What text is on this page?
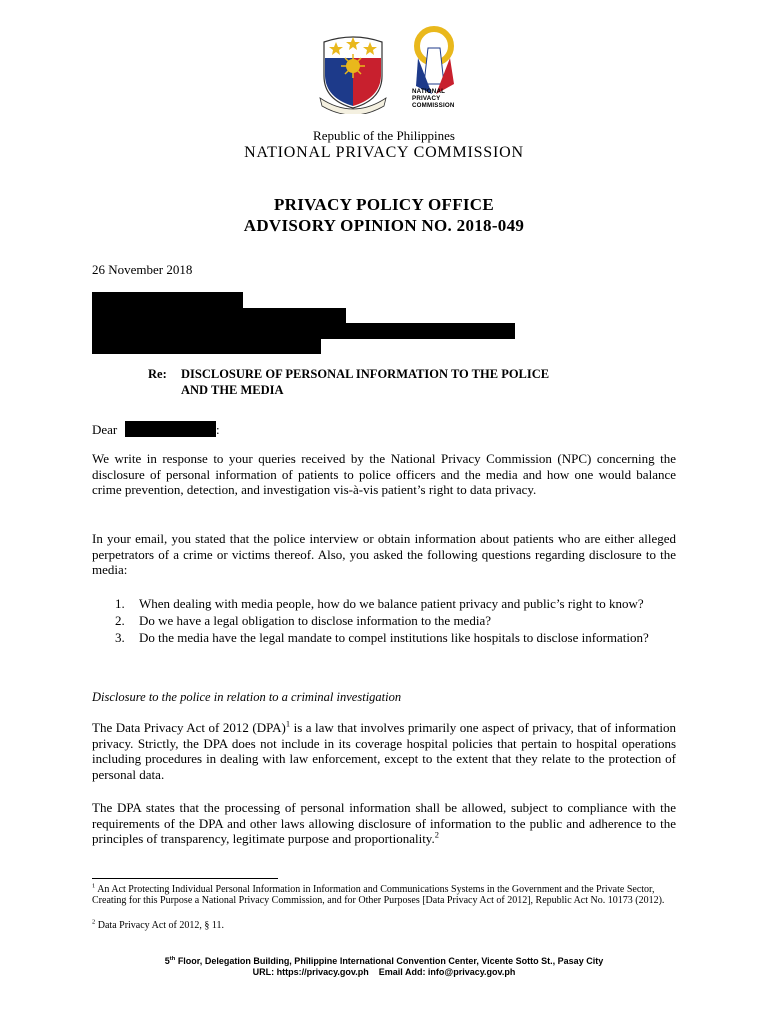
NATIONAL
PRIVACY
COMMISSION
Republic of the Philippines
NATIONAL PRIVACY COMMISSION
PRIVACY POLICY OFFICE
ADVISORY OPINION NO. 2018-049
26 November 2018
Re: DISCLOSURE OF PERSONAL INFORMATION TO THE POLICE
AND THE MEDIA
Dear	:
We write in response to your queries received by the National Privacy Commission (NPC) concerning the disclosure of personal information of patients to police officers and the media and how one would balance crime prevention, detection, and investigation vis-à-vis patient’s right to data privacy.
In your email, you stated that the police interview or obtain information about patients who are either alleged perpetrators of a crime or victims thereof. Also, you asked the following questions regarding disclosure to the media:
1. When dealing with media people, how do we balance patient privacy and public’s right to know?
2. Do we have a legal obligation to disclose information to the media?
3. Do the media have the legal mandate to compel institutions like hospitals to disclose information?
Disclosure to the police in relation to a criminal investigation
The Data Privacy Act of 2012 (DPA)$^1$ is a law that involves primarily one aspect of privacy, that of information privacy. Strictly, the DPA does not include in its coverage hospital policies that pertain to hospital operations including procedures in dealing with law enforcement, except to the extent that they relate to the protection of personal data.
The DPA states that the processing of personal information shall be allowed, subject to compliance with the requirements of the DPA and other laws allowing disclosure of information to the public and adherence to the principles of transparency, legitimate purpose and proportionality.$^2$
$^1$ An Act Protecting Individual Personal Information in Information and Communications Systems in the Government and the Private Sector, Creating for this Purpose a National Privacy Commission, and for Other Purposes [Data Privacy Act of 2012], Republic Act No. 10173 (2012).
$^2$ Data Privacy Act of 2012, § 11.
5th Floor, Delegation Building, Philippine International Convention Center, Vicente Sotto St., Pasay City
URL: https://privacy.gov.ph    Email Add: info@privacy.gov.ph
